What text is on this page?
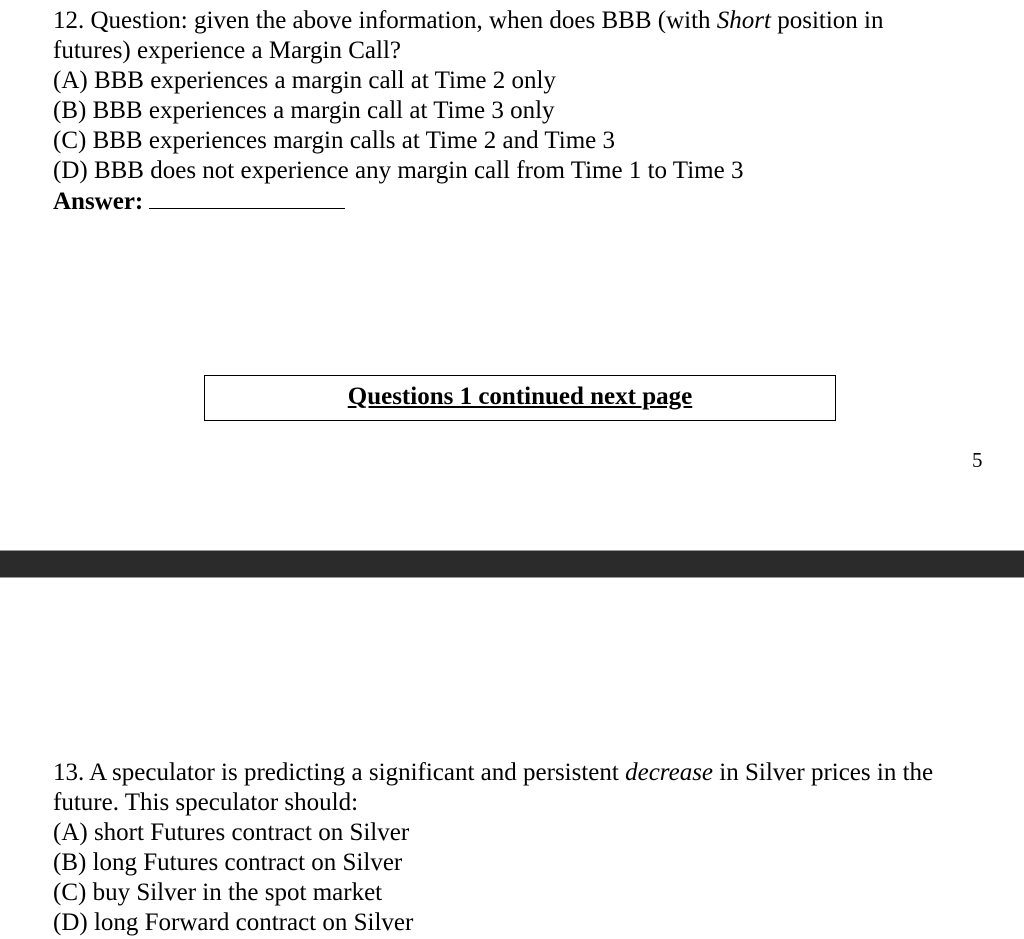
12. Question: given the above information, when does BBB (with Short position in
futures) experience a Margin Call?
(A) BBB experiences a margin call at Time 2 only
(B) BBB experiences a margin call at Time 3 only
(C) BBB experiences margin calls at Time 2 and Time 3
(D) BBB does not experience any margin call from Time 1 to Time 3
Answer:
Questions 1 continued next page
5
13. A speculator is predicting a significant and persistent decrease in Silver prices in the future. This speculator should:
(A) short Futures contract on Silver
(B) long Futures contract on Silver
(C) buy Silver in the spot market
(D) long Forward contract on Silver
